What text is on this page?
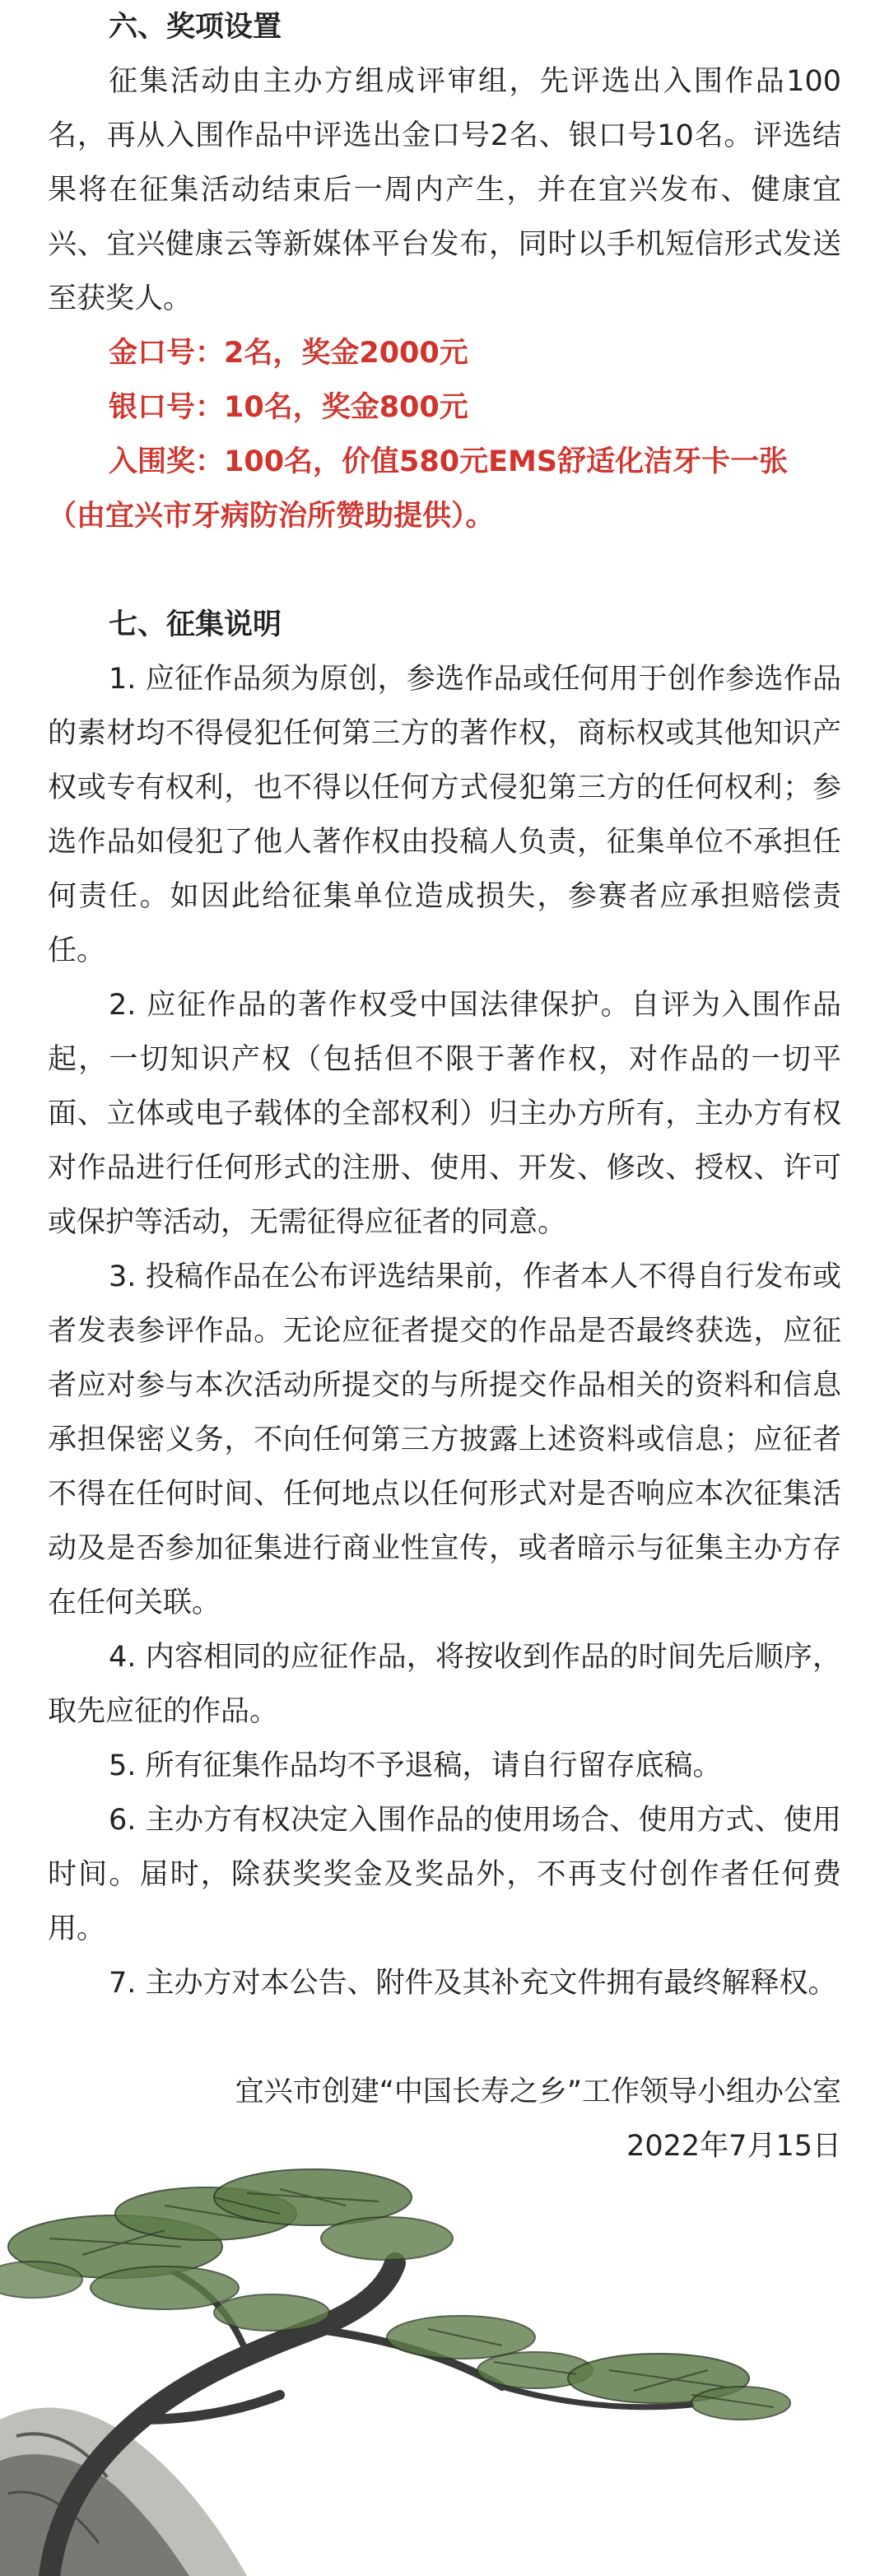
六、奖项设置

征集活动由主办方组成评审组，先评选出入围作品100名，再从入围作品中评选出金口号2名、银口号10名。评选结果将在征集活动结束后一周内产生，并在宜兴发布、健康宜兴、宜兴健康云等新媒体平台发布，同时以手机短信形式发送至获奖人。

金口号：2名，奖金2000元

银口号：10名，奖金800元

入围奖：100名，价值580元EMS舒适化洁牙卡一张（由宜兴市牙病防治所赞助提供）。

七、征集说明

1. 应征作品须为原创，参选作品或任何用于创作参选作品的素材均不得侵犯任何第三方的著作权，商标权或其他知识产权或专有权利，也不得以任何方式侵犯第三方的任何权利；参选作品如侵犯了他人著作权由投稿人负责，征集单位不承担任何责任。如因此给征集单位造成损失，参赛者应承担赔偿责任。

2. 应征作品的著作权受中国法律保护。自评为入围作品起，一切知识产权（包括但不限于著作权，对作品的一切平面、立体或电子载体的全部权利）归主办方所有，主办方有权对作品进行任何形式的注册、使用、开发、修改、授权、许可或保护等活动，无需征得应征者的同意。

3. 投稿作品在公布评选结果前，作者本人不得自行发布或者发表参评作品。无论应征者提交的作品是否最终获选，应征者应对参与本次活动所提交的与所提交作品相关的资料和信息承担保密义务，不向任何第三方披露上述资料或信息；应征者不得在任何时间、任何地点以任何形式对是否响应本次征集活动及是否参加征集进行商业性宣传，或者暗示与征集主办方存在任何关联。

4. 内容相同的应征作品，将按收到作品的时间先后顺序，取先应征的作品。

5. 所有征集作品均不予退稿，请自行留存底稿。

6. 主办方有权决定入围作品的使用场合、使用方式、使用时间。届时，除获奖奖金及奖品外，不再支付创作者任何费用。

7. 主办方对本公告、附件及其补充文件拥有最终解释权。

宜兴市创建“中国长寿之乡”工作领导小组办公室

2022年7月15日
